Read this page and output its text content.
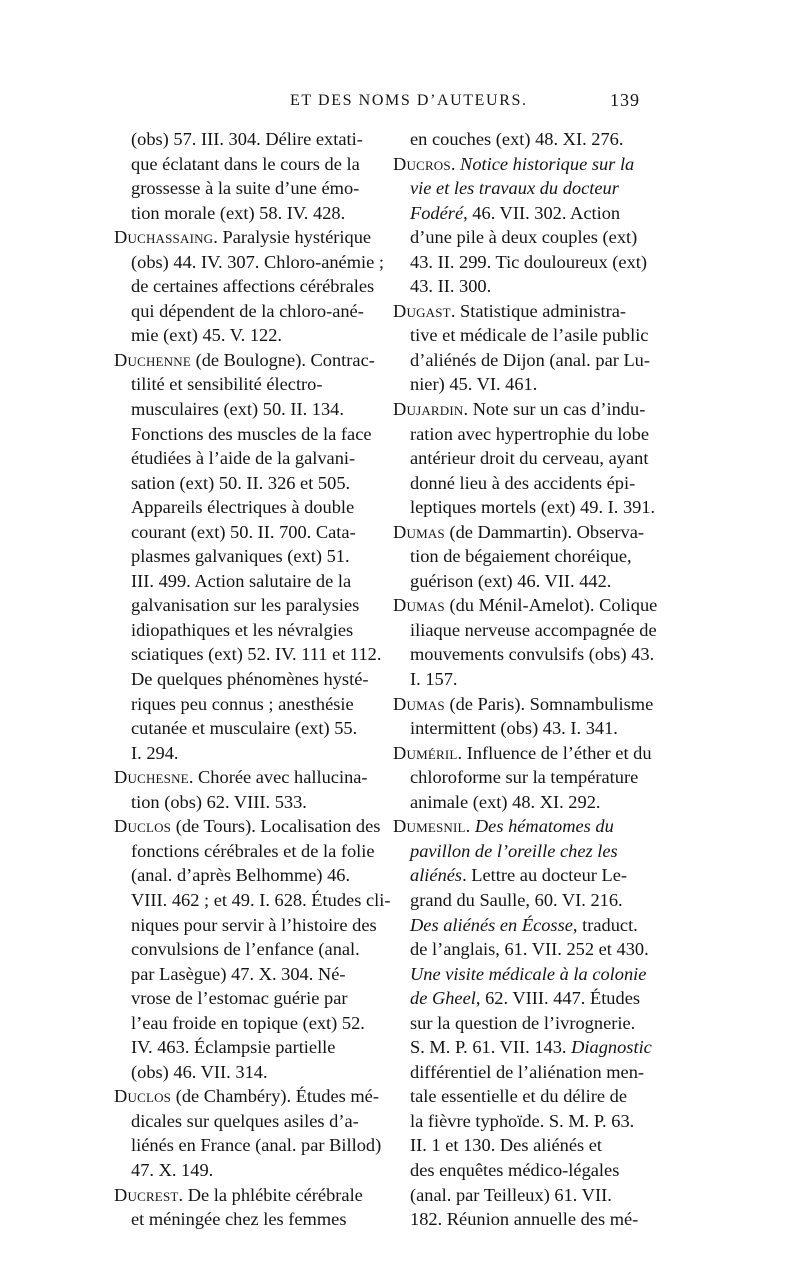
ET DES NOMS D’AUTEURS.	139
(obs) 57. III. 304. Délire extati-
que éclatant dans le cours de la
grossesse à la suite d’une émo-
tion morale (ext) 58. IV. 428.
Duchassaing. Paralysie hystérique
(obs) 44. IV. 307. Chloro-anémie ;
de certaines affections cérébrales
qui dépendent de la chloro-ané-
mie (ext) 45. V. 122.
Duchenne (de Boulogne). Contrac-
tilité et sensibilité électro-
musculaires (ext) 50. II. 134.
Fonctions des muscles de la face
étudiées à l’aide de la galvani-
sation (ext) 50. II. 326 et 505.
Appareils électriques à double
courant (ext) 50. II. 700. Cata-
plasmes galvaniques (ext) 51.
III. 499. Action salutaire de la
galvanisation sur les paralysies
idiopathiques et les névralgies
sciatiques (ext) 52. IV. 111 et 112.
De quelques phénomènes hysté-
riques peu connus ; anesthésie
cutanée et musculaire (ext) 55.
I. 294.
Duchesne. Chorée avec hallucina-
tion (obs) 62. VIII. 533.
Duclos (de Tours). Localisation des
fonctions cérébrales et de la folie
(anal. d’après Belhomme) 46.
VIII. 462 ; et 49. I. 628. Études cli-
niques pour servir à l’histoire des
convulsions de l’enfance (anal.
par Lasègue) 47. X. 304. Né-
vrose de l’estomac guérie par
l’eau froide en topique (ext) 52.
IV. 463. Éclampsie partielle
(obs) 46. VII. 314.
Duclos (de Chambéry). Études mé-
dicales sur quelques asiles d’a-
liénés en France (anal. par Billod)
47. X. 149.
Ducrest. De la phlébite cérébrale
et méningée chez les femmes
en couches (ext) 48. XI. 276.
Ducros. Notice historique sur la
vie et les travaux du docteur
Fodéré, 46. VII. 302. Action
d’une pile à deux couples (ext)
43. II. 299. Tic douloureux (ext)
43. II. 300.
Dugast. Statistique administra-
tive et médicale de l’asile public
d’aliénés de Dijon (anal. par Lu-
nier) 45. VI. 461.
Dujardin. Note sur un cas d’indu-
ration avec hypertrophie du lobe
antérieur droit du cerveau, ayant
donné lieu à des accidents épi-
leptiques mortels (ext) 49. I. 391.
Dumas (de Dammartin). Observa-
tion de bégaiement choréique,
guérison (ext) 46. VII. 442.
Dumas (du Ménil-Amelot). Colique
iliaque nerveuse accompagnée de
mouvements convulsifs (obs) 43.
I. 157.
Dumas (de Paris). Somnambulisme
intermittent (obs) 43. I. 341.
Duméril. Influence de l’éther et du
chloroforme sur la température
animale (ext) 48. XI. 292.
Dumesnil. Des hématomes du
pavillon de l’oreille chez les
aliénés. Lettre au docteur Le-
grand du Saulle, 60. VI. 216.
Des aliénés en Écosse, traduct.
de l’anglais, 61. VII. 252 et 430.
Une visite médicale à la colonie
de Gheel, 62. VIII. 447. Études
sur la question de l’ivrognerie.
S. M. P. 61. VII. 143. Diagnostic
différentiel de l’aliénation men-
tale essentielle et du délire de
la fièvre typhoïde. S. M. P. 63.
II. 1 et 130. Des aliénés et
des enquêtes médico-légales
(anal. par Teilleux) 61. VII.
182. Réunion annuelle des mé-
